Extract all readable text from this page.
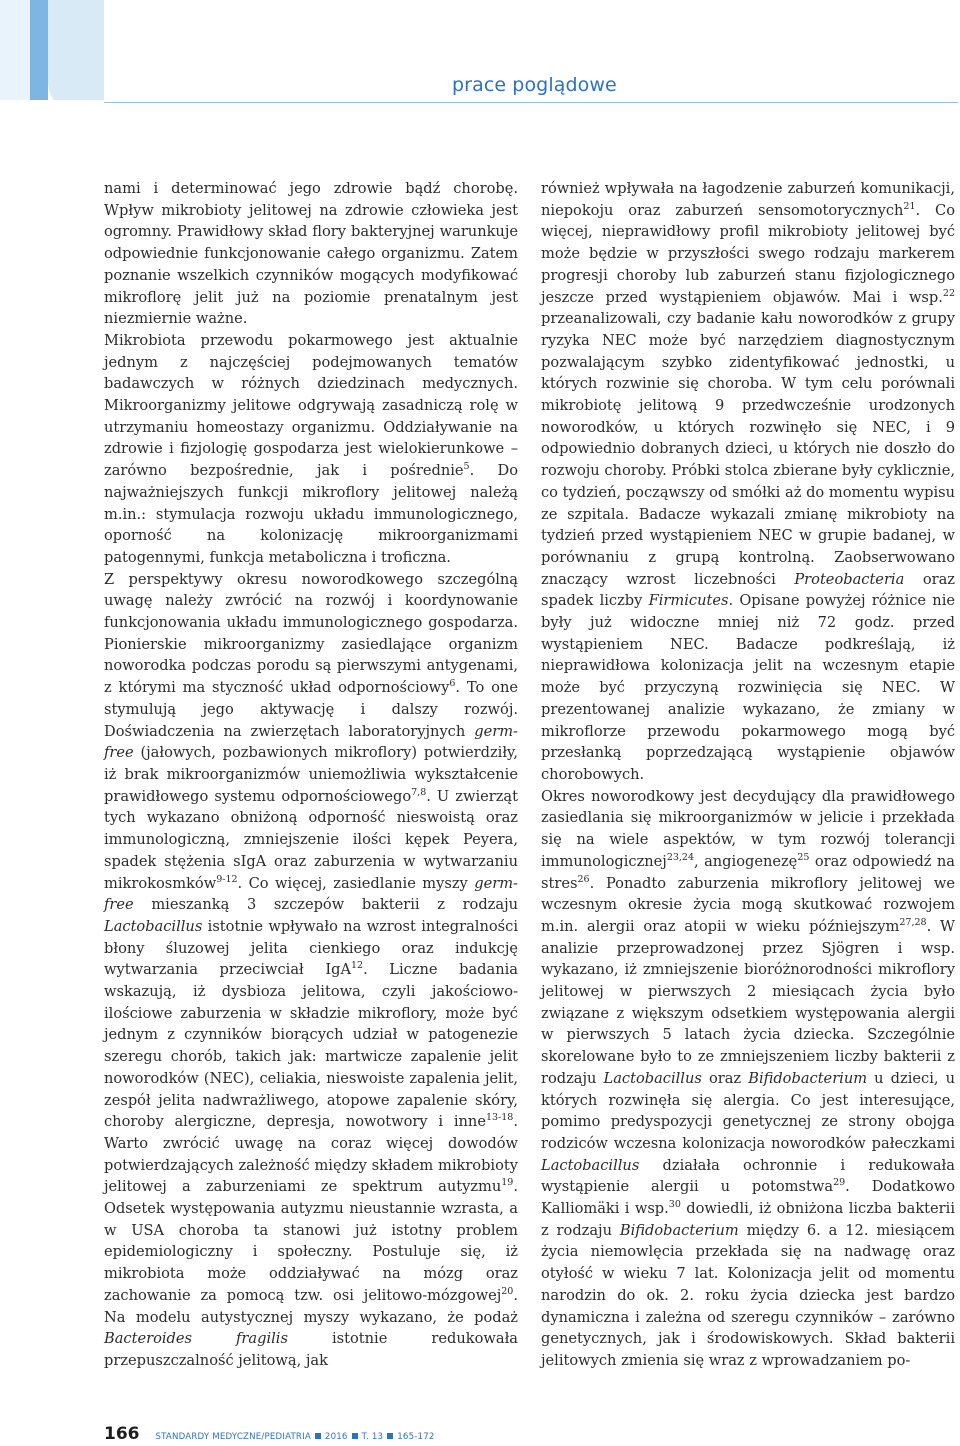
prace poglądowe

nami i determinować jego zdrowie bądź chorobę. Wpływ mikrobioty jelitowej na zdrowie człowieka jest ogromny. Prawidłowy skład flory bakteryjnej warunkuje odpowiednie funkcjonowanie całego organizmu. Zatem poznanie wszelkich czynników mogących modyfikować mikroflorę jelit już na poziomie prenatalnym jest niezmiernie ważne.

Mikrobiota przewodu pokarmowego jest aktualnie jednym z najczęściej podejmowanych tematów badawczych w różnych dziedzinach medycznych. Mikroorganizmy jelitowe odgrywają zasadniczą rolę w utrzymaniu homeostazy organizmu. Oddziaływanie na zdrowie i fizjologię gospodarza jest wielokierunkowe – zarówno bezpośrednie, jak i pośrednie$^5$. Do najważniejszych funkcji mikroflory jelitowej należą m.in.: stymulacja rozwoju układu immunologicznego, oporność na kolonizację mikroorganizmami patogennymi, funkcja metaboliczna i troficzna.

Z perspektywy okresu noworodkowego szczególną uwagę należy zwrócić na rozwój i koordynowanie funkcjonowania układu immunologicznego gospodarza. Pionierskie mikroorganizmy zasiedlające organizm noworodka podczas porodu są pierwszymi antygenami, z którymi ma styczność układ odpornościowy$^6$. To one stymulują jego aktywację i dalszy rozwój. Doświadczenia na zwierzętach laboratoryjnych germ-free (jałowych, pozbawionych mikroflory) potwierdziły, iż brak mikroorganizmów uniemożliwia wykształcenie prawidłowego systemu odpornościowego$^{7,8}$. U zwierząt tych wykazano obniżoną odporność nieswoistą oraz immunologiczną, zmniejszenie ilości kępek Peyera, spadek stężenia sIgA oraz zaburzenia w wytwarzaniu mikrokosmków$^{9-12}$. Co więcej, zasiedlanie myszy germ-free mieszanką 3 szczepów bakterii z rodzaju Lactobacillus istotnie wpływało na wzrost integralności błony śluzowej jelita cienkiego oraz indukcję wytwarzania przeciwciał IgA$^{12}$. Liczne badania wskazują, iż dysbioza jelitowa, czyli jakościowo-ilościowe zaburzenia w składzie mikroflory, może być jednym z czynników biorących udział w patogenezie szeregu chorób, takich jak: martwicze zapalenie jelit noworodków (NEC), celiakia, nieswoiste zapalenia jelit, zespół jelita nadwrażliwego, atopowe zapalenie skóry, choroby alergiczne, depresja, nowotwory i inne$^{13-18}$. Warto zwrócić uwagę na coraz więcej dowodów potwierdzających zależność między składem mikrobioty jelitowej a zaburzeniami ze spektrum autyzmu$^{19}$. Odsetek występowania autyzmu nieustannie wzrasta, a w USA choroba ta stanowi już istotny problem epidemiologiczny i społeczny. Postuluje się, iż mikrobiota może oddziaływać na mózg oraz zachowanie za pomocą tzw. osi jelitowo-mózgowej$^{20}$. Na modelu autystycznej myszy wykazano, że podaż Bacteroides fragilis istotnie redukowała przepuszczalność jelitową, jak

również wpływała na łagodzenie zaburzeń komunikacji, niepokoju oraz zaburzeń sensomotorycznych$^{21}$. Co więcej, nieprawidłowy profil mikrobioty jelitowej być może będzie w przyszłości swego rodzaju markerem progresji choroby lub zaburzeń stanu fizjologicznego jeszcze przed wystąpieniem objawów. Mai i wsp.$^{22}$ przeanalizowali, czy badanie kału noworodków z grupy ryzyka NEC może być narzędziem diagnostycznym pozwalającym szybko zidentyfikować jednostki, u których rozwinie się choroba. W tym celu porównali mikrobiotę jelitową 9 przedwcześnie urodzonych noworodków, u których rozwinęło się NEC, i 9 odpowiednio dobranych dzieci, u których nie doszło do rozwoju choroby. Próbki stolca zbierane były cyklicznie, co tydzień, począwszy od smółki aż do momentu wypisu ze szpitala. Badacze wykazali zmianę mikrobioty na tydzień przed wystąpieniem NEC w grupie badanej, w porównaniu z grupą kontrolną. Zaobserwowano znaczący wzrost liczebności Proteobacteria oraz spadek liczby Firmicutes. Opisane powyżej różnice nie były już widoczne mniej niż 72 godz. przed wystąpieniem NEC. Badacze podkreślają, iż nieprawidłowa kolonizacja jelit na wczesnym etapie może być przyczyną rozwinięcia się NEC. W prezentowanej analizie wykazano, że zmiany w mikroflorze przewodu pokarmowego mogą być przesłanką poprzedzającą wystąpienie objawów chorobowych.

Okres noworodkowy jest decydujący dla prawidłowego zasiedlania się mikroorganizmów w jelicie i przekłada się na wiele aspektów, w tym rozwój tolerancji immunologicznej$^{23,24}$, angiogenezę$^{25}$ oraz odpowiedź na stres$^{26}$. Ponadto zaburzenia mikroflory jelitowej we wczesnym okresie życia mogą skutkować rozwojem m.in. alergii oraz atopii w wieku późniejszym$^{27,28}$. W analizie przeprowadzonej przez Sjögren i wsp. wykazano, iż zmniejszenie bioróżnorodności mikroflory jelitowej w pierwszych 2 miesiącach życia było związane z większym odsetkiem występowania alergii w pierwszych 5 latach życia dziecka. Szczególnie skorelowane było to ze zmniejszeniem liczby bakterii z rodzaju Lactobacillus oraz Bifidobacterium u dzieci, u których rozwinęła się alergia. Co jest interesujące, pomimo predyspozycji genetycznej ze strony obojga rodziców wczesna kolonizacja noworodków pałeczkami Lactobacillus działała ochronnie i redukowała wystąpienie alergii u potomstwa$^{29}$. Dodatkowo Kalliomäki i wsp.$^{30}$ dowiedli, iż obniżona liczba bakterii z rodzaju Bifidobacterium między 6. a 12. miesiącem życia niemowlęcia przekłada się na nadwagę oraz otyłość w wieku 7 lat. Kolonizacja jelit od momentu narodzin do ok. 2. roku życia dziecka jest bardzo dynamiczna i zależna od szeregu czynników – zarówno genetycznych, jak i środowiskowych. Skład bakterii jelitowych zmienia się wraz z wprowadzaniem po-

166 STANDARDY MEDYCZNE/PEDIATRIA 2016 T. 13 165-172
